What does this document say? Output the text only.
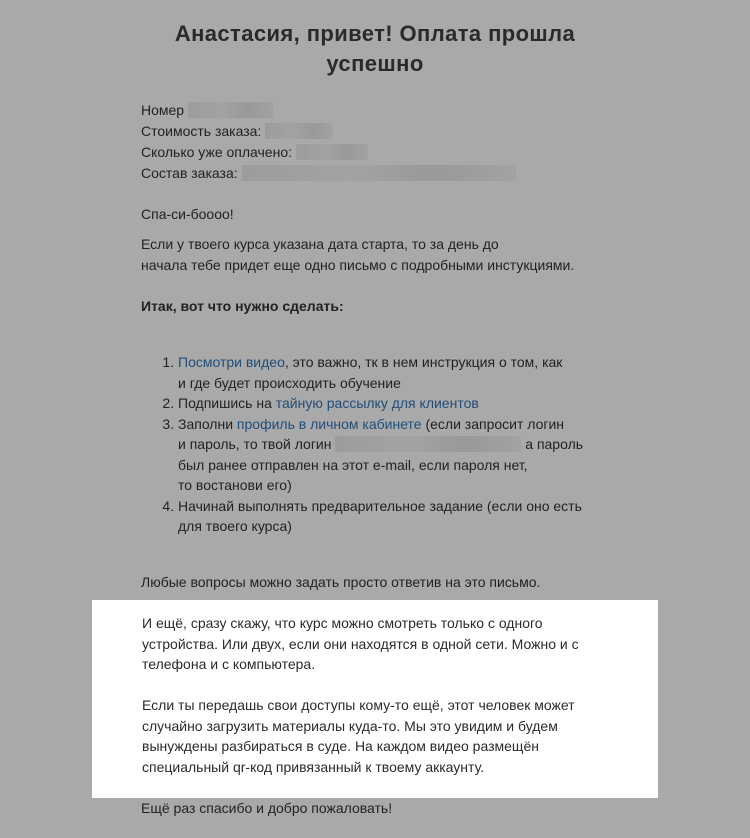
Анастасия, привет! Оплата прошла успешно
Номер
Стоимость заказа:
Сколько уже оплачено:
Состав заказа:
Спа-си-бoooo!
Если у твоего курса указана дата старта, то за день до
начала тебе придет еще одно письмо с подробными инстукциями.
Итак, вот что нужно сделать:
1. Посмотри видео, это важно, тк в нем инструкция о том, как
и где будет происходить обучение
2. Подпишись на тайную рассылку для клиентов
3. Заполни профиль в личном кабинете (если запросит логин
и пароль, то твой логин	а пароль
был ранее отправлен на этот e-mail, если пароля нет,
то востанови его)
4. Начинай выполнять предварительное задание (если оно есть
для твоего курса)
Любые вопросы можно задать просто ответив на это письмо.

И ещё, сразу скажу, что курс можно смотреть только с одного

устройства. Или двух, если они находятся в одной сети. Можно и с

телефона и с компьютера.

Если ты передашь свои доступы кому-то ещё, этот человек может

случайно загрузить материалы куда-то. Мы это увидим и будем

вынуждены разбираться в суде. На каждом видео размещён

специальный qr-код привязанный к твоему аккаунту.

Ещё раз спасибо и добро пожаловать!
